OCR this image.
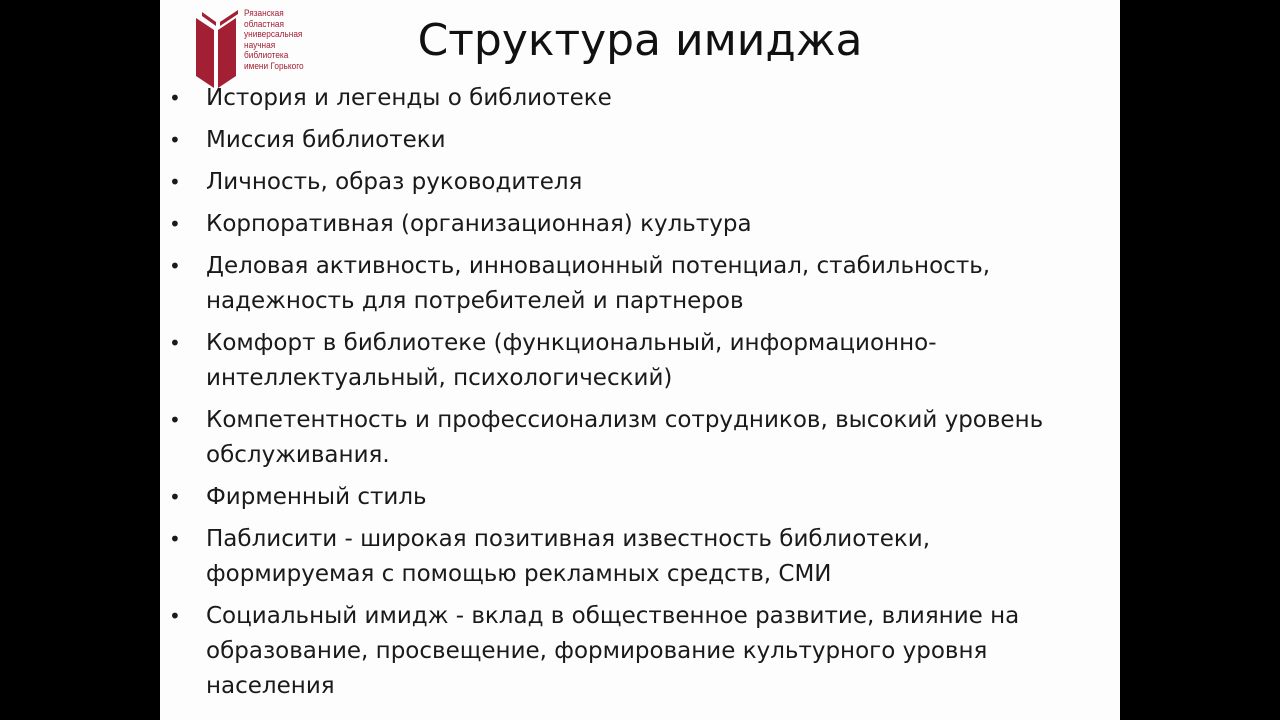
Рязанская
областная
универсальная
научная
библиотека
имени Горького	Структура имиджа
• История и легенды о библиотеке
• Миссия библиотеки
• Личность, образ руководителя
• Корпоративная (организационная) культура
• Деловая активность, инновационный потенциал, стабильность, надежность для потребителей и партнеров
• Комфорт в библиотеке (функциональный, информационно-интеллектуальный, психологический)
• Компетентность и профессионализм сотрудников, высокий уровень обслуживания.
• Фирменный стиль
• Паблисити - широкая позитивная известность библиотеки, формируемая с помощью рекламных средств, СМИ
• Социальный имидж - вклад в общественное развитие, влияние на образование, просвещение, формирование культурного уровня населения
